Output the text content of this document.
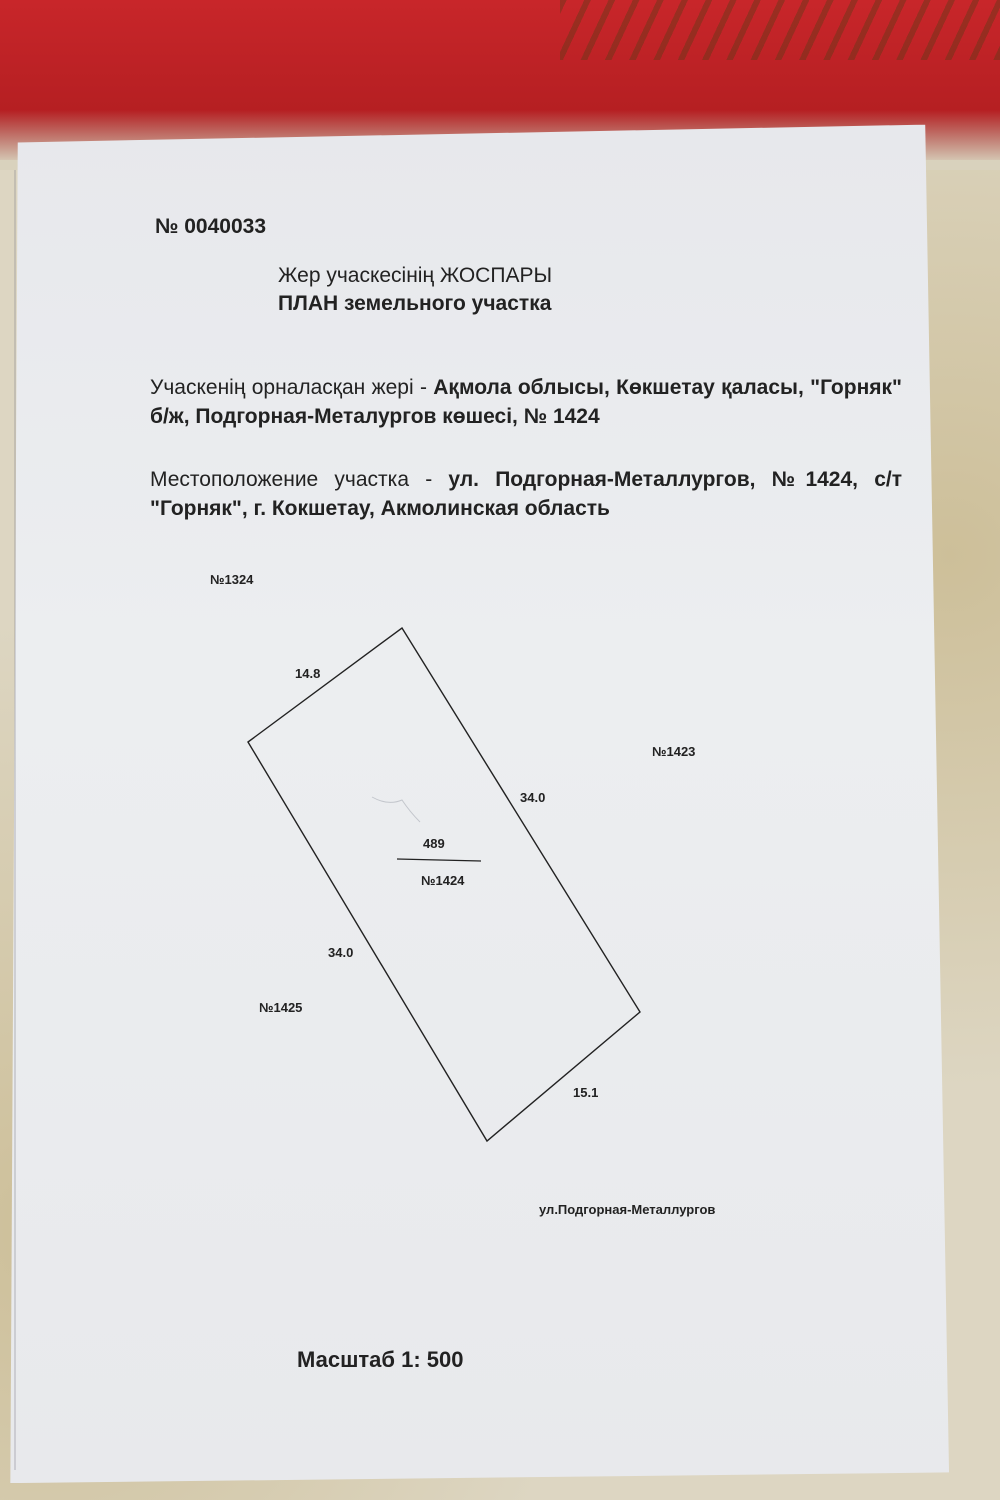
№ 0040033
Жер учаскесінің ЖОСПАРЫ
ПЛАН земельного участка
Учаскенің орналасқан жері - Ақмола облысы, Көкшетау қаласы, "Горняк" б/ж, Подгорная-Металургов көшесі, № 1424
Местоположение участка - ул. Подгорная-Металлургов, №1424, с/т "Горняк", г. Кокшетау, Акмолинская область
№1324
№1423
№1425
14.8
34.0
34.0
15.1
489
№1424
ул.Подгорная-Металлургов
Масштаб 1: 500
